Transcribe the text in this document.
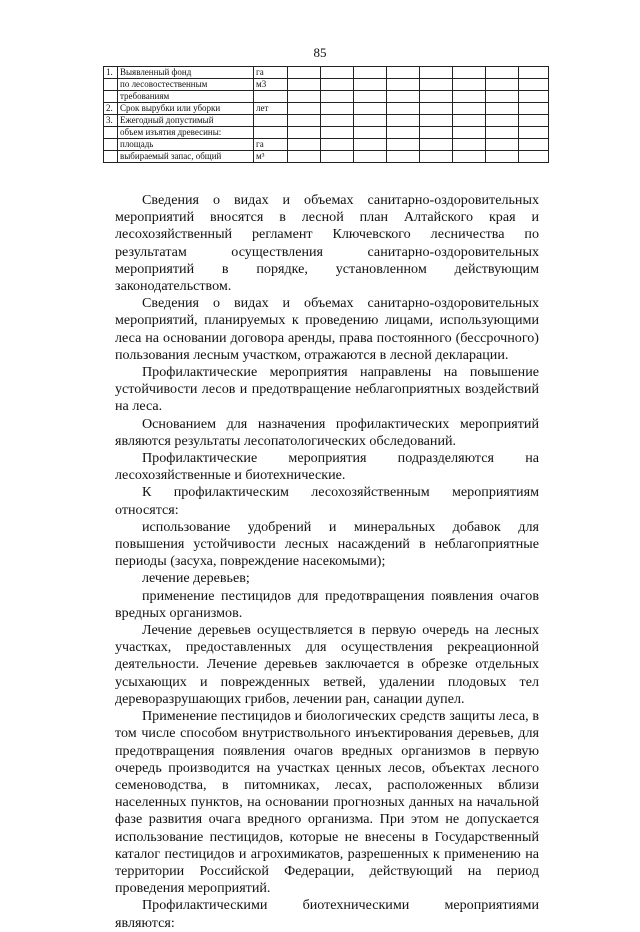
85
1.	Выявленный фонд	га								
	по лесовостественным	м3								
	требованиям									
2.	Срок вырубки или уборки	лет								
3.	Ежегодный допустимый									
	объем изъятия древесины:									
	площадь	га								
	выбираемый запас, общий	м³								

Сведения о видах и объемах санитарно-оздоровительных мероприятий вносятся в лесной план Алтайского края и лесохозяйственный регламент Ключевского лесничества по результатам осуществления санитарно-оздоровительных мероприятий в порядке, установленном действующим законодательством.

Сведения о видах и объемах санитарно-оздоровительных мероприятий, планируемых к проведению лицами, использующими леса на основании договора аренды, права постоянного (бессрочного) пользования лесным участком, отражаются в лесной декларации.

Профилактические мероприятия направлены на повышение устойчивости лесов и предотвращение неблагоприятных воздействий на леса.

Основанием для назначения профилактических мероприятий являются результаты лесопатологических обследований.

Профилактические мероприятия подразделяются на лесохозяйственные и биотехнические.

К профилактическим лесохозяйственным мероприятиям относятся:

использование удобрений и минеральных добавок для повышения устойчивости лесных насаждений в неблагоприятные периоды (засуха, повреждение насекомыми);

лечение деревьев;

применение пестицидов для предотвращения появления очагов вредных организмов.

Лечение деревьев осуществляется в первую очередь на лесных участках, предоставленных для осуществления рекреационной деятельности. Лечение деревьев заключается в обрезке отдельных усыхающих и поврежденных ветвей, удалении плодовых тел дереворазрушающих грибов, лечении ран, санации дупел.

Применение пестицидов и биологических средств защиты леса, в том числе способом внутриствольного инъектирования деревьев, для предотвращения появления очагов вредных организмов в первую очередь производится на участках ценных лесов, объектах лесного семеноводства, в питомниках, лесах, расположенных вблизи населенных пунктов, на основании прогнозных данных на начальной фазе развития очага вредного организма. При этом не допускается использование пестицидов, которые не внесены в Государственный каталог пестицидов и агрохимикатов, разрешенных к применению на территории Российской Федерации, действующий на период проведения мероприятий.

Профилактическими биотехническими мероприятиями являются:
